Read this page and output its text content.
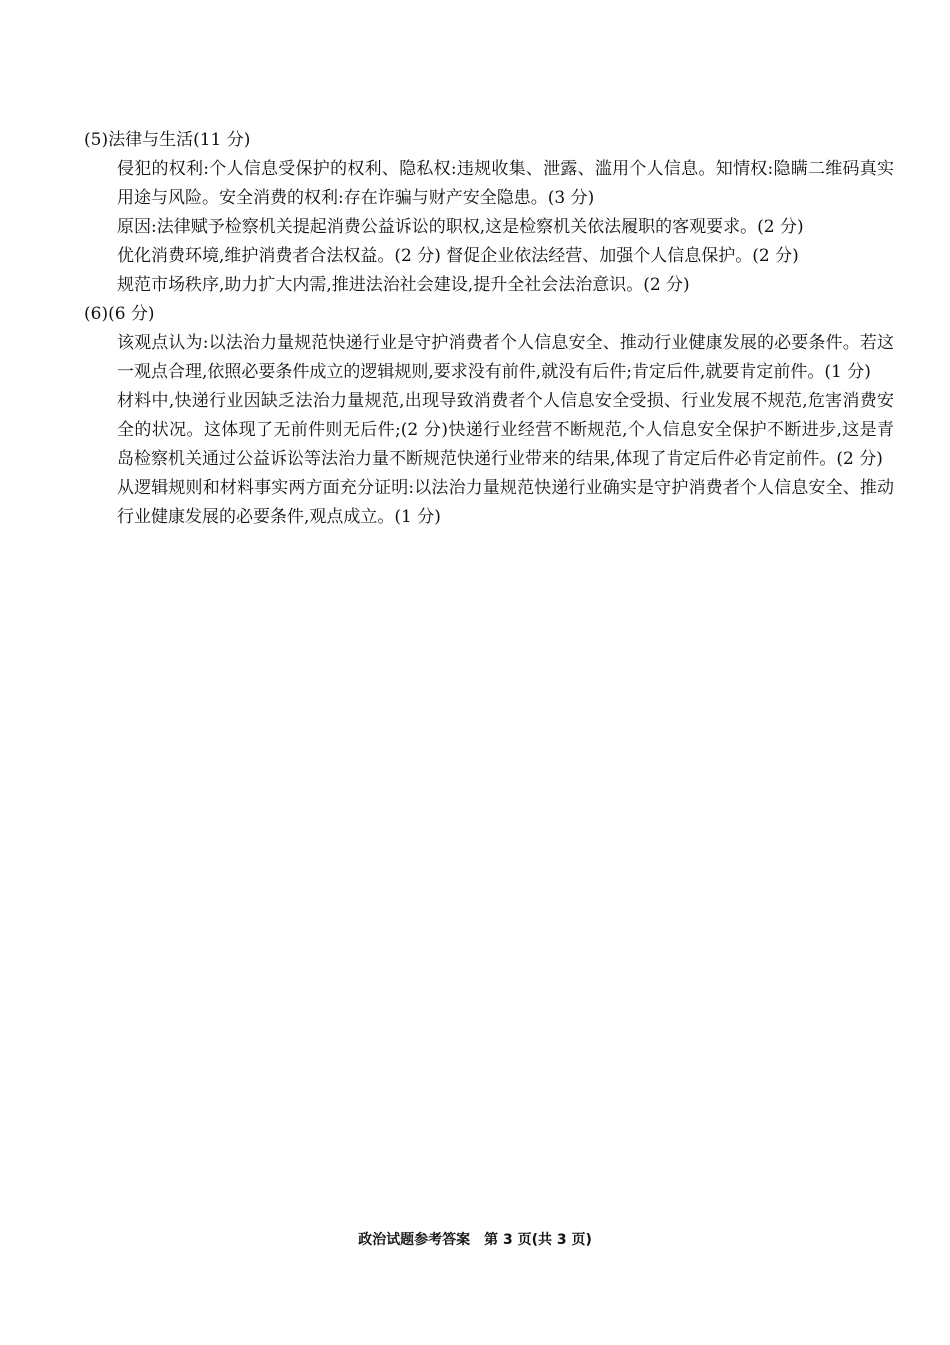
(5)法律与生活(11 分)
侵犯的权利:个人信息受保护的权利、隐私权:违规收集、泄露、滥用个人信息。知情权:隐瞒二维码真实用途与风险。安全消费的权利:存在诈骗与财产安全隐患。(3 分)
原因:法律赋予检察机关提起消费公益诉讼的职权,这是检察机关依法履职的客观要求。(2 分)
优化消费环境,维护消费者合法权益。(2 分) 督促企业依法经营、加强个人信息保护。(2 分)
规范市场秩序,助力扩大内需,推进法治社会建设,提升全社会法治意识。(2 分)
(6)(6 分)
该观点认为:以法治力量规范快递行业是守护消费者个人信息安全、推动行业健康发展的必要条件。若这一观点合理,依照必要条件成立的逻辑规则,要求没有前件,就没有后件;肯定后件,就要肯定前件。(1 分)
材料中,快递行业因缺乏法治力量规范,出现导致消费者个人信息安全受损、行业发展不规范,危害消费安全的状况。这体现了无前件则无后件;(2 分)快递行业经营不断规范,个人信息安全保护不断进步,这是青岛检察机关通过公益诉讼等法治力量不断规范快递行业带来的结果,体现了肯定后件必肯定前件。(2 分)
从逻辑规则和材料事实两方面充分证明:以法治力量规范快递行业确实是守护消费者个人信息安全、推动行业健康发展的必要条件,观点成立。(1 分)
政治试题参考答案 第 3 页(共 3 页)
